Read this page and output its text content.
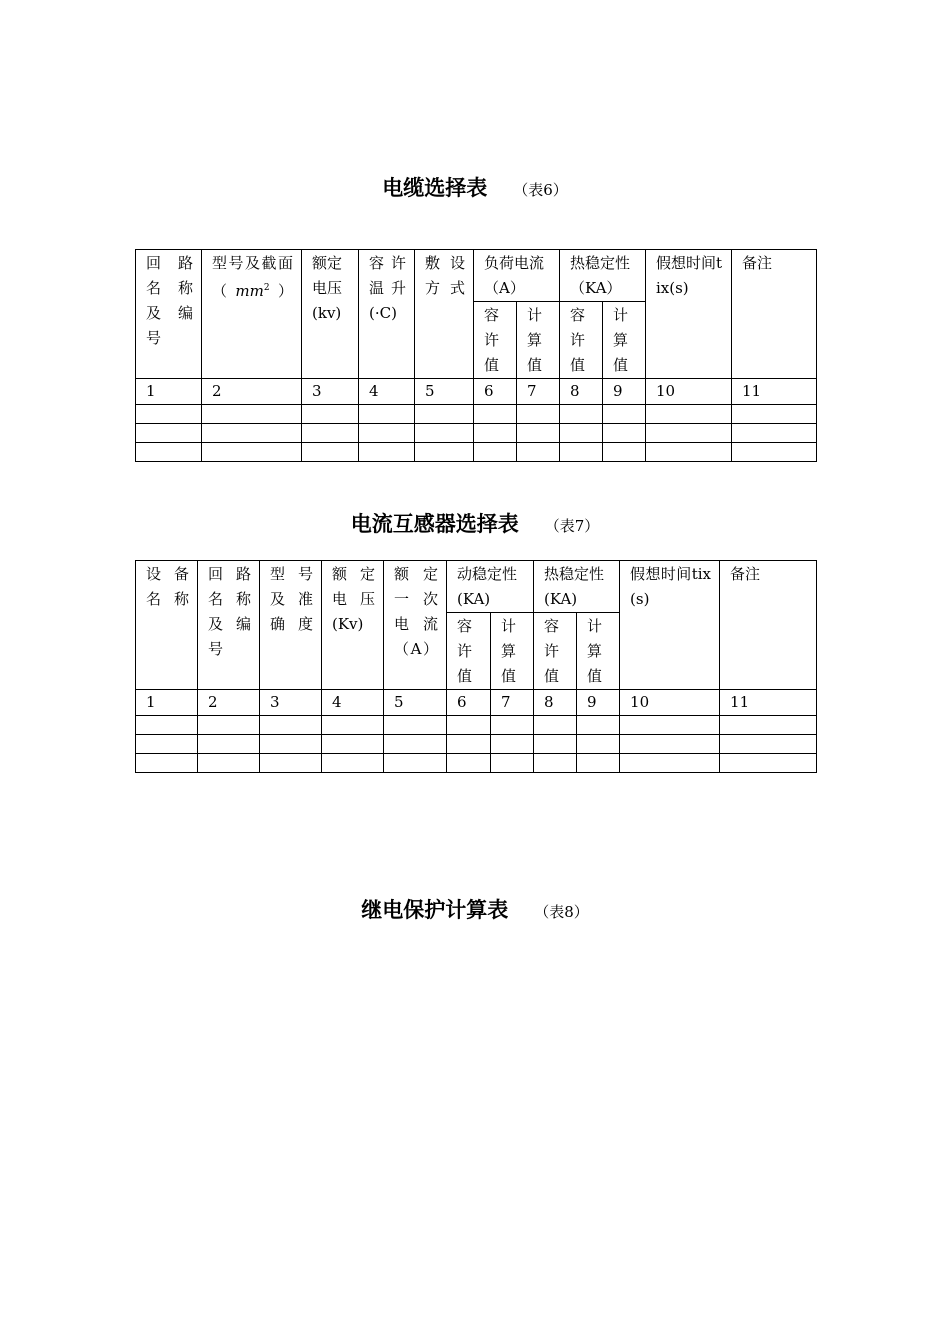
电缆选择表 （表6）
回 路 名 称 及 编 号	型号及截面$(mm^2)$	额定电压(kv)	容许温升(·C)	敷设方式	负荷电流（A）		热稳定性（KA）		假想时间tix(s)	备注
					容许值	计算值	容许值	计算值		
1	2	3	4	5	6	7	8	9	10	11

电流互感器选择表 （表7）
设 备 名称	回 路 名 称 及 编 号	型 号 及 准 确度	额 定 电 压 (Kv)	额 定 一 次 电流（A）	动稳定性(KA)		热稳定性(KA)		假想时间tix(s)	备注
					容许值	计算值	容许值	计算值		
1	2	3	4	5	6	7	8	9	10	11

继电保护计算表 （表8）
